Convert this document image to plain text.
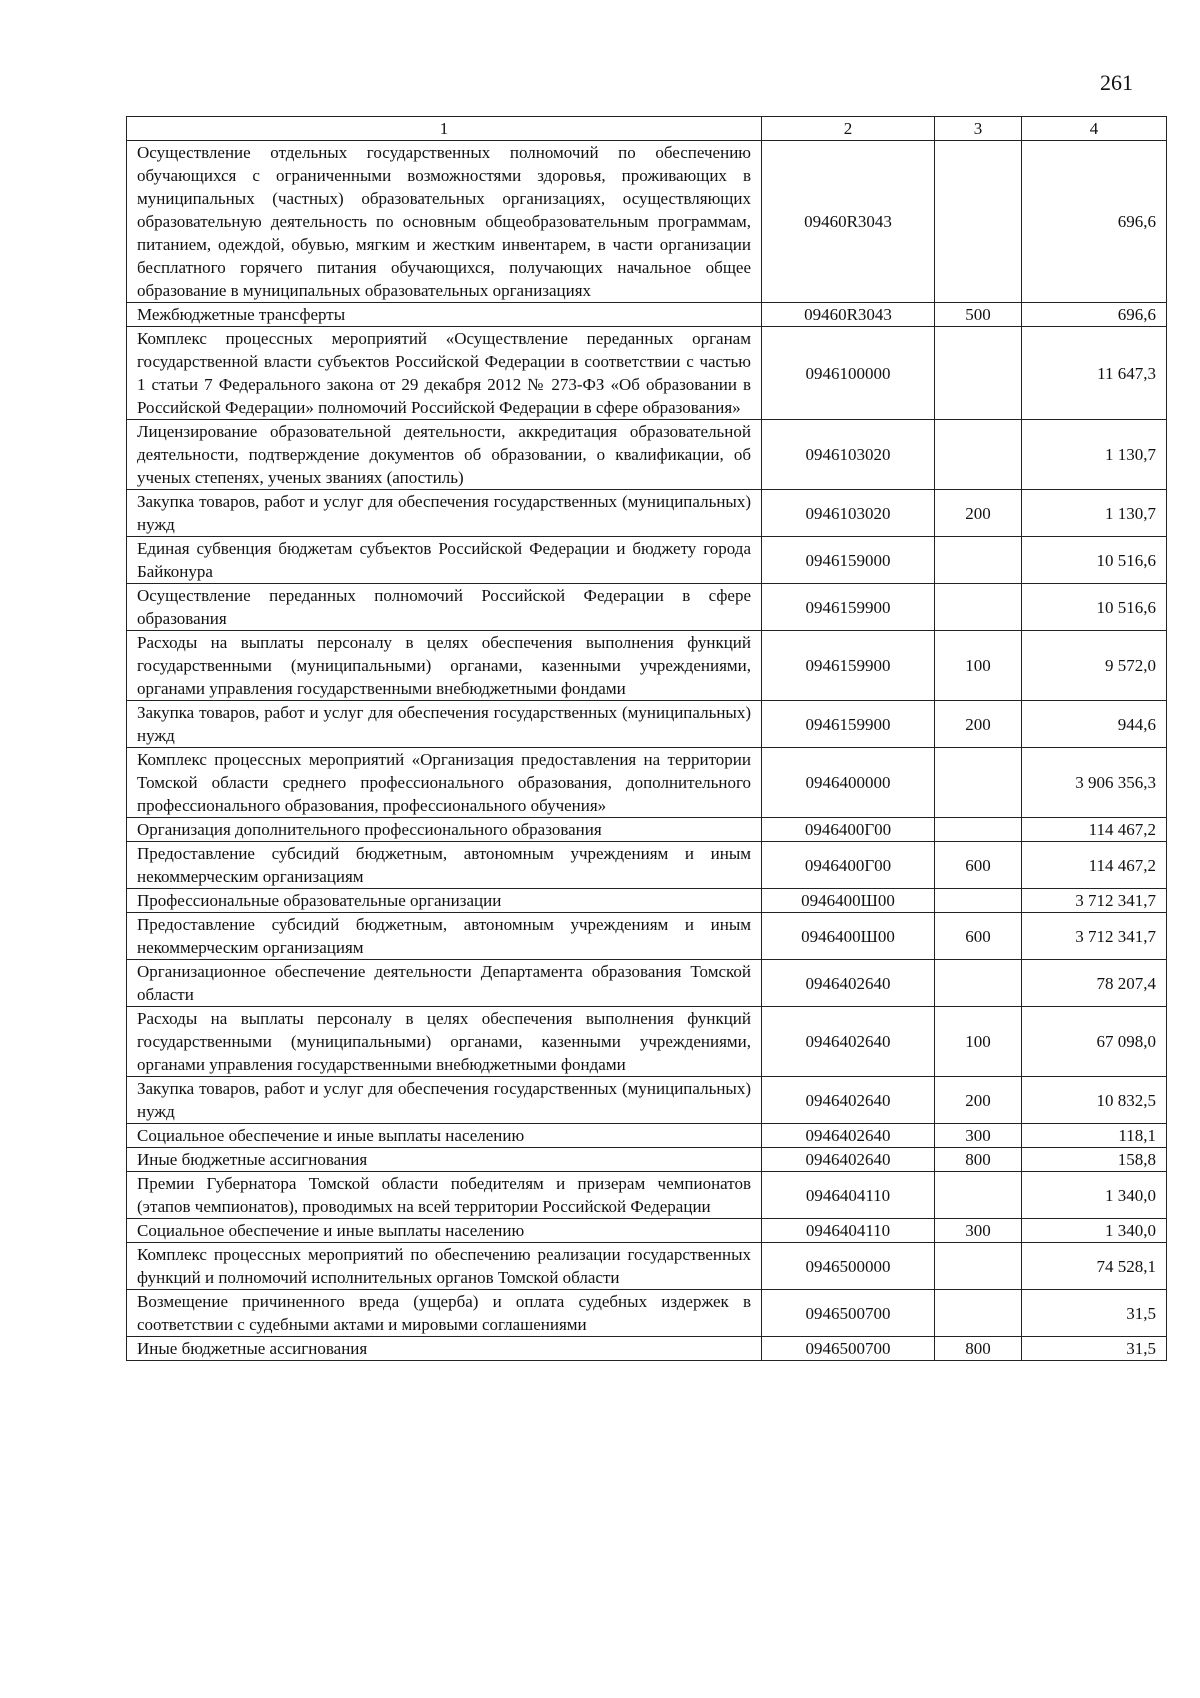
261
1	2	3	4
Осуществление отдельных государственных полномочий по обеспечению обучающихся с ограниченными возможностями здоровья, проживающих в муниципальных (частных) образовательных организациях, осуществляющих образовательную деятельность по основным общеобразовательным программам, питанием, одеждой, обувью, мягким и жестким инвентарем, в части организации бесплатного горячего питания обучающихся, получающих начальное общее образование в муниципальных образовательных организациях	09460R3043		696,6
Межбюджетные трансферты	09460R3043	500	696,6
Комплекс процессных мероприятий «Осуществление переданных органам государственной власти субъектов Российской Федерации в соответствии с частью 1 статьи 7 Федерального закона от 29 декабря 2012 № 273-ФЗ «Об образовании в Российской Федерации» полномочий Российской Федерации в сфере образования»	0946100000		11 647,3
Лицензирование образовательной деятельности, аккредитация образовательной деятельности, подтверждение документов об образовании, о квалификации, об ученых степенях, ученых званиях (апостиль)	0946103020		1 130,7
Закупка товаров, работ и услуг для обеспечения государственных (муниципальных) нужд	0946103020	200	1 130,7
Единая субвенция бюджетам субъектов Российской Федерации и бюджету города Байконура	0946159000		10 516,6
Осуществление переданных полномочий Российской Федерации в сфере образования	0946159900		10 516,6
Расходы на выплаты персоналу в целях обеспечения выполнения функций государственными (муниципальными) органами, казенными учреждениями, органами управления государственными внебюджетными фондами	0946159900	100	9 572,0
Закупка товаров, работ и услуг для обеспечения государственных (муниципальных) нужд	0946159900	200	944,6
Комплекс процессных мероприятий «Организация предоставления на территории Томской области среднего профессионального образования, дополнительного профессионального образования, профессионального обучения»	0946400000		3 906 356,3
Организация дополнительного профессионального образования	0946400Г00		114 467,2
Предоставление субсидий бюджетным, автономным учреждениям и иным некоммерческим организациям	0946400Г00	600	114 467,2
Профессиональные образовательные организации	0946400Ш00		3 712 341,7
Предоставление субсидий бюджетным, автономным учреждениям и иным некоммерческим организациям	0946400Ш00	600	3 712 341,7
Организационное обеспечение деятельности Департамента образования Томской области	0946402640		78 207,4
Расходы на выплаты персоналу в целях обеспечения выполнения функций государственными (муниципальными) органами, казенными учреждениями, органами управления государственными внебюджетными фондами	0946402640	100	67 098,0
Закупка товаров, работ и услуг для обеспечения государственных (муниципальных) нужд	0946402640	200	10 832,5
Социальное обеспечение и иные выплаты населению	0946402640	300	118,1
Иные бюджетные ассигнования	0946402640	800	158,8
Премии Губернатора Томской области победителям и призерам чемпионатов (этапов чемпионатов), проводимых на всей территории Российской Федерации	0946404110		1 340,0
Социальное обеспечение и иные выплаты населению	0946404110	300	1 340,0
Комплекс процессных мероприятий по обеспечению реализации государственных функций и полномочий исполнительных органов Томской области	0946500000		74 528,1
Возмещение причиненного вреда (ущерба) и оплата судебных издержек в соответствии с судебными актами и мировыми соглашениями	0946500700		31,5
Иные бюджетные ассигнования	0946500700	800	31,5
